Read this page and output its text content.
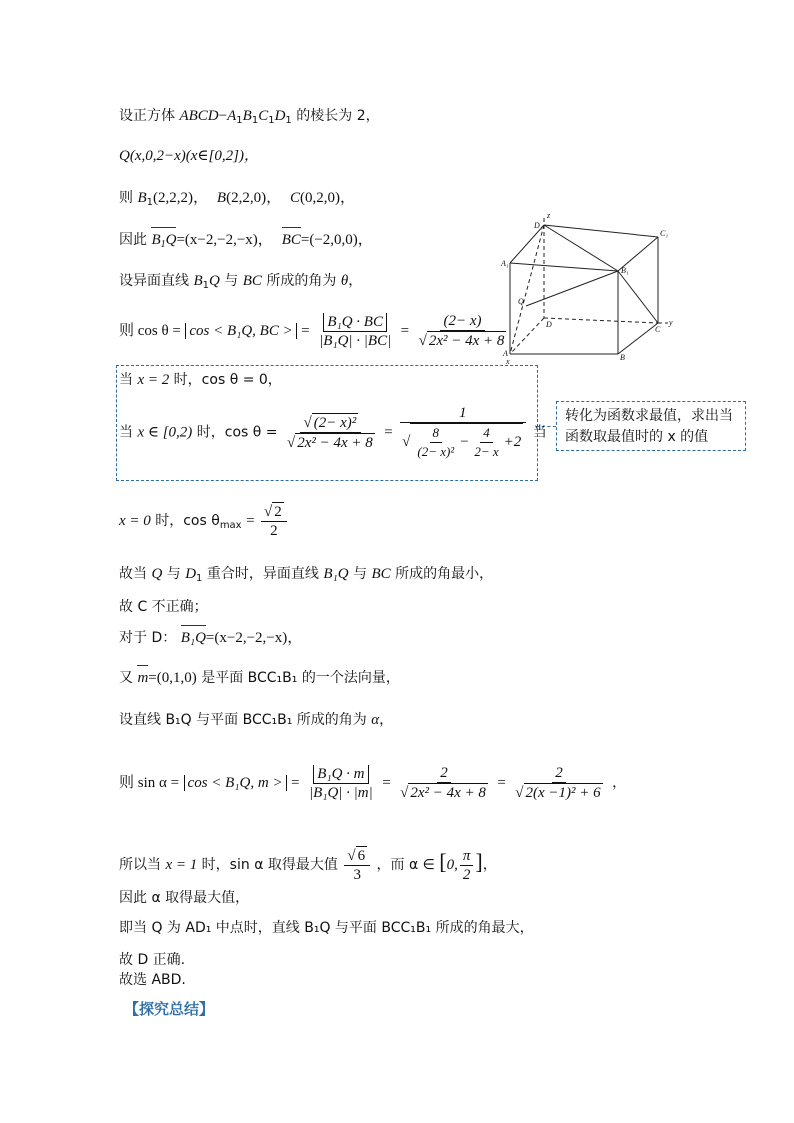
设正方体 $ABCD-A_1B_1C_1D_1$ 的棱长为 2，
Q(x,0,2−x)(x∈[0,2])，
则 $B_1(2,2,2)$， B(2,2,0)， C(0,2,0)，
因此 $B_1Q=(x-2,-2,-x)$， BC=(−2,0,0)，
设异面直线 $B_1Q$ 与 BC 所成的角为 θ，
则 cos θ = cos < B₁Q, BC > = $\frac{\text{B₁Q · BC}}{\text{|B₁Q| · |BC|}} = \frac{(2- x)}{\text{√ 2x² − 4x + 8}}$
转化为函数求最值，求出当
函数取最值时的 x 的值
当 x = 2 时，cos θ = 0，
当 x ∈ [0,2) 时，$\cos \theta = \frac{\text{√ (2− x)²}}{\text{√ 2x² − 4x + 8}} = \frac{1}{√ \frac{8}{\text{(2− x)²}} - \frac{4}{2- x} +2}$ 当
x = 0 时，$\cos \theta_{max} = \frac{√ 2}{2}$
故当 Q 与 $D_1$ 重合时，异面直线 B₁Q 与 BC 所成的角最小，
故 C 不正确；
对于 D： B₁Q=(x−2,−2,−x)，
又 m=(0,1,0) 是平面 BCC₁B₁ 的一个法向量，
设直线 B₁Q 与平面 BCC₁B₁ 所成的角为 α，
则 sin α = cos < B₁Q, m > = $\frac{\text{B₁Q · m}}{\text{|B₁Q| · |m|}} = \frac{2}{\text{√ 2x² − 4x + 8}} = \frac{2}{\text{√ 2(x −1)² + 6}}$ ，
所以当 x = 1 时，sin α 取得最大值 $\frac{√ 6}{3}$ ，而 α ∈ [0, $\frac{\pi}{2}$ ]，
因此 α 取得最大值，
即当 Q 为 AD₁ 中点时，直线 B₁Q 与平面 BCC₁B₁ 所成的角最大，
故 D 正确.
故选 ABD.
【探究总结】
D₁
z
C₁
A₁
B₁
Q
D
C
y
A	B
x
